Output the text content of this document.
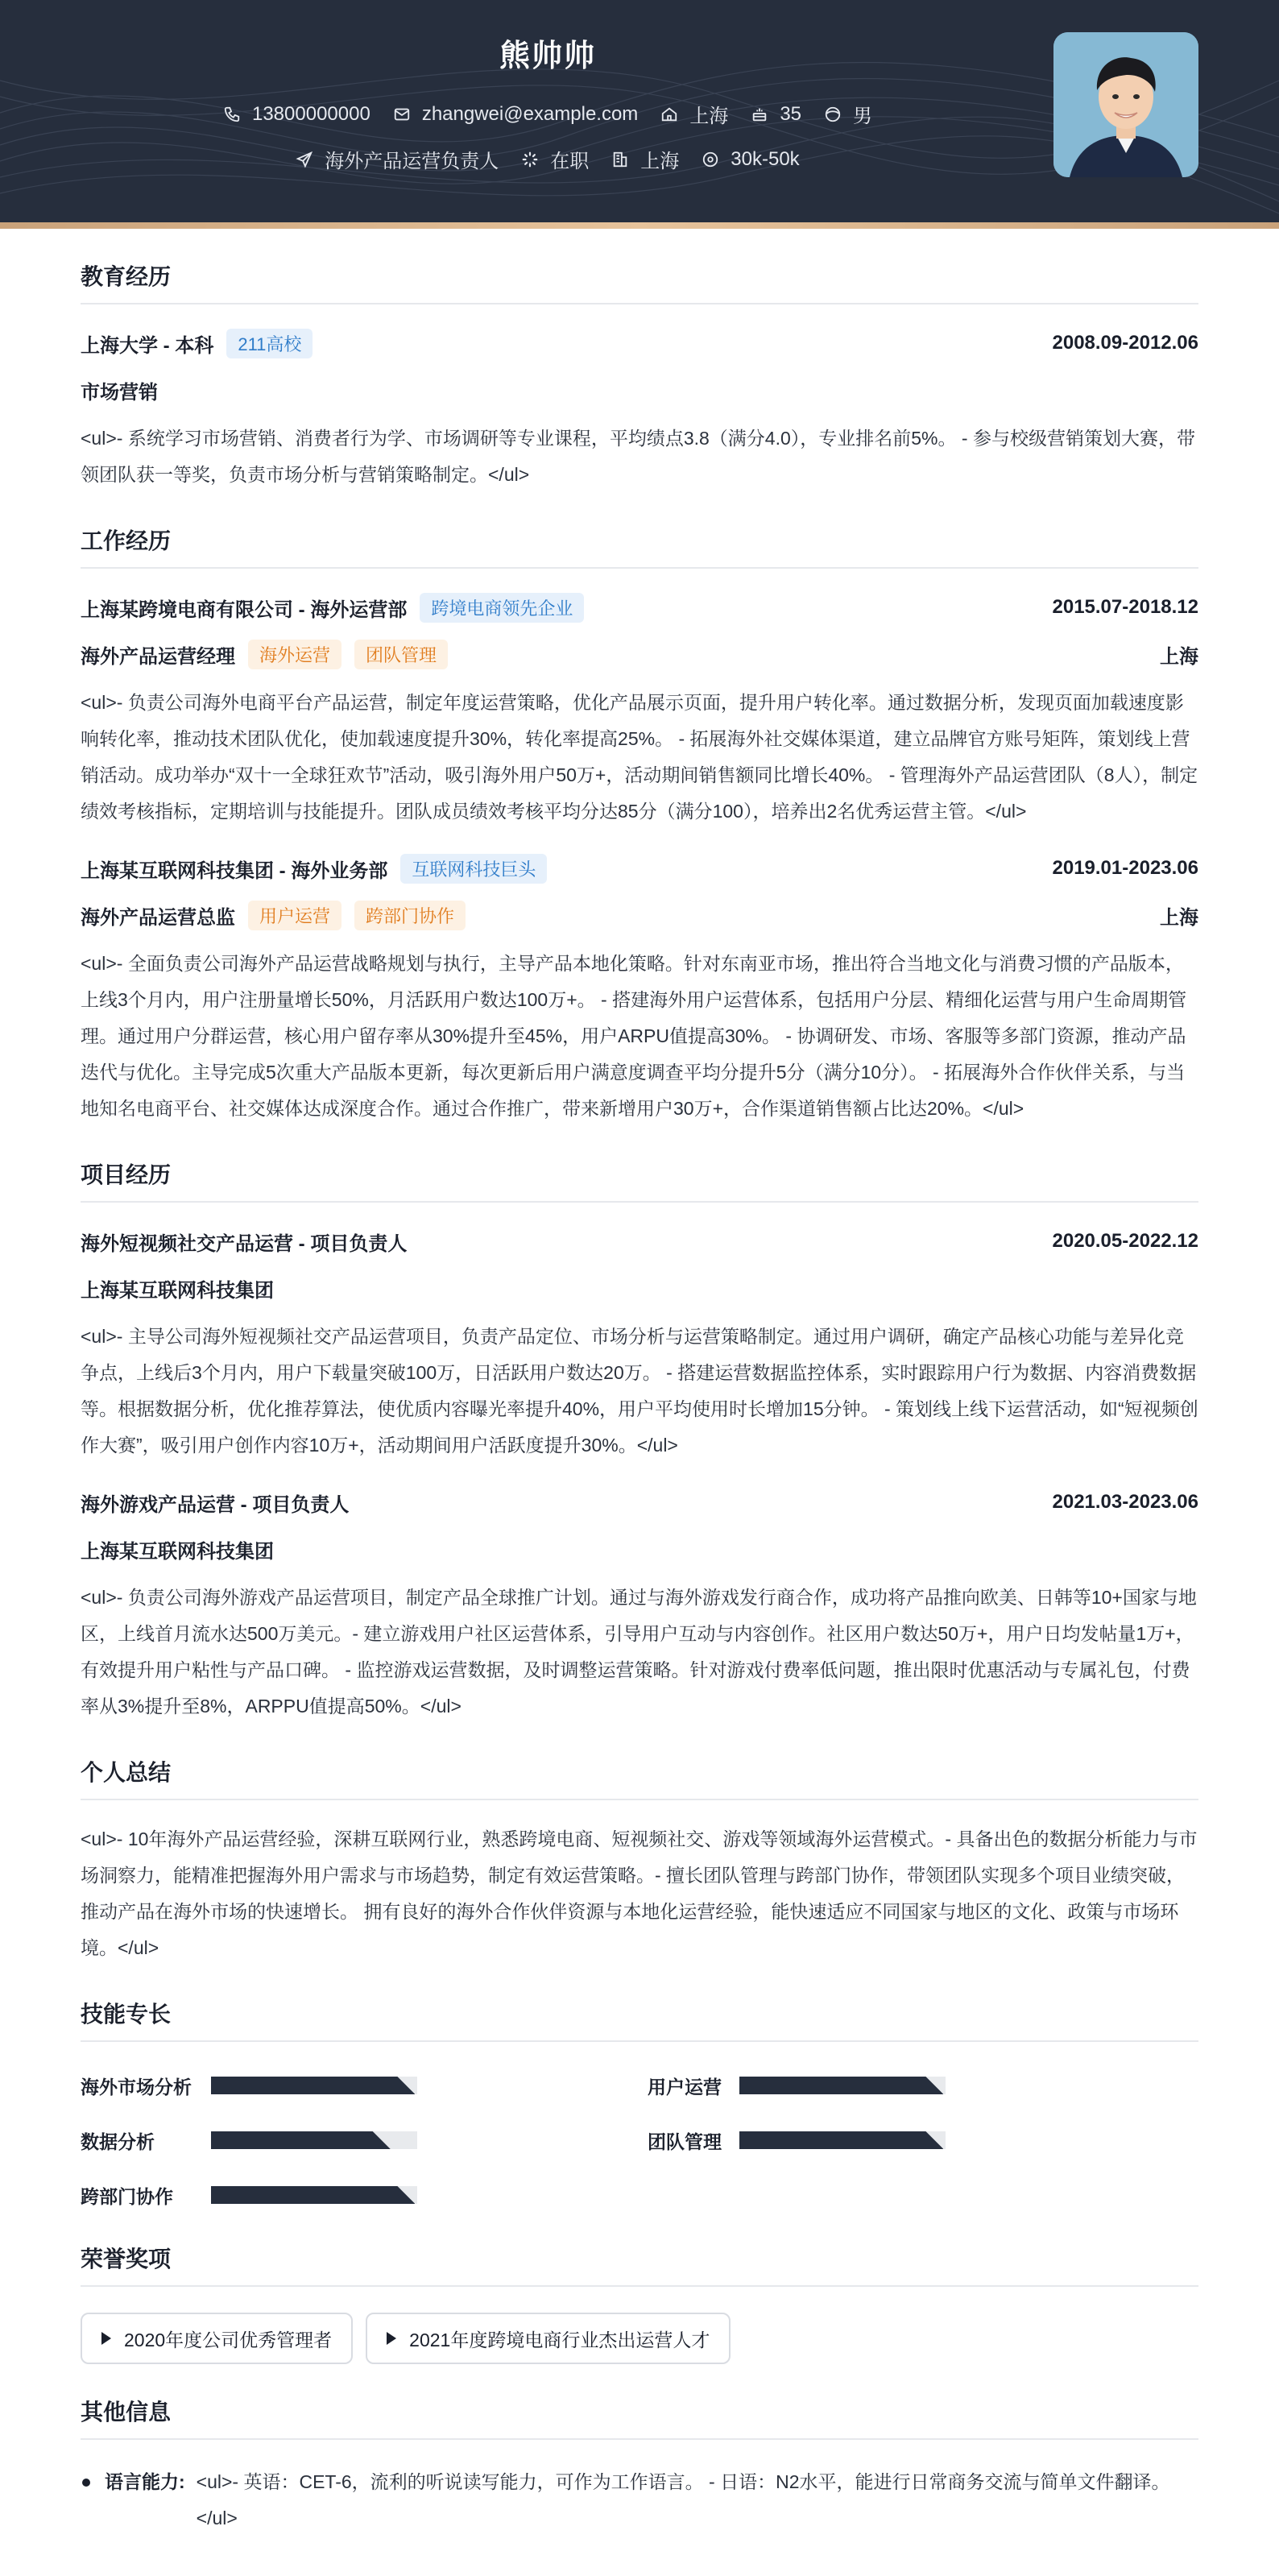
熊帅帅
13800000000	zhangwei@example.com	上海	35	男
海外产品运营负责人	在职	上海	30k-50k
教育经历
上海大学 - 本科	211高校	2008.09-2012.06
市场营销
<ul>- 系统学习市场营销、消费者行为学、市场调研等专业课程，平均绩点3.8（满分4.0），专业排名前5%。 - 参与校级营销策划大赛，带领团队获一等奖，负责市场分析与营销策略制定。</ul>
工作经历
上海某跨境电商有限公司 - 海外运营部	跨境电商领先企业	2015.07-2018.12
海外产品运营经理	海外运营	团队管理	上海
<ul>- 负责公司海外电商平台产品运营，制定年度运营策略，优化产品展示页面，提升用户转化率。通过数据分析，发现页面加载速度影响转化率，推动技术团队优化，使加载速度提升30%，转化率提高25%。 - 拓展海外社交媒体渠道，建立品牌官方账号矩阵，策划线上营销活动。成功举办“双十一全球狂欢节”活动，吸引海外用户50万+，活动期间销售额同比增长40%。 - 管理海外产品运营团队（8人），制定绩效考核指标，定期培训与技能提升。团队成员绩效考核平均分达85分（满分100），培养出2名优秀运营主管。</ul>
上海某互联网科技集团 - 海外业务部	互联网科技巨头	2019.01-2023.06
海外产品运营总监	用户运营	跨部门协作	上海
<ul>- 全面负责公司海外产品运营战略规划与执行，主导产品本地化策略。针对东南亚市场，推出符合当地文化与消费习惯的产品版本，上线3个月内，用户注册量增长50%，月活跃用户数达100万+。 - 搭建海外用户运营体系，包括用户分层、精细化运营与用户生命周期管理。通过用户分群运营，核心用户留存率从30%提升至45%，用户ARPU值提高30%。 - 协调研发、市场、客服等多部门资源，推动产品迭代与优化。主导完成5次重大产品版本更新，每次更新后用户满意度调查平均分提升5分（满分10分）。 - 拓展海外合作伙伴关系，与当地知名电商平台、社交媒体达成深度合作。通过合作推广，带来新增用户30万+，合作渠道销售额占比达20%。</ul>
项目经历
海外短视频社交产品运营 - 项目负责人	2020.05-2022.12
上海某互联网科技集团
<ul>- 主导公司海外短视频社交产品运营项目，负责产品定位、市场分析与运营策略制定。通过用户调研，确定产品核心功能与差异化竞争点，上线后3个月内，用户下载量突破100万，日活跃用户数达20万。 - 搭建运营数据监控体系，实时跟踪用户行为数据、内容消费数据等。根据数据分析，优化推荐算法，使优质内容曝光率提升40%，用户平均使用时长增加15分钟。 - 策划线上线下运营活动，如“短视频创作大赛”，吸引用户创作内容10万+，活动期间用户活跃度提升30%。</ul>
海外游戏产品运营 - 项目负责人	2021.03-2023.06
上海某互联网科技集团
<ul>- 负责公司海外游戏产品运营项目，制定产品全球推广计划。通过与海外游戏发行商合作，成功将产品推向欧美、日韩等10+国家与地区，上线首月流水达500万美元。- 建立游戏用户社区运营体系，引导用户互动与内容创作。社区用户数达50万+，用户日均发帖量1万+，有效提升用户粘性与产品口碑。 - 监控游戏运营数据，及时调整运营策略。针对游戏付费率低问题，推出限时优惠活动与专属礼包，付费率从3%提升至8%，ARPPU值提高50%。</ul>
个人总结
<ul>- 10年海外产品运营经验，深耕互联网行业，熟悉跨境电商、短视频社交、游戏等领域海外运营模式。- 具备出色的数据分析能力与市场洞察力，能精准把握海外用户需求与市场趋势，制定有效运营策略。- 擅长团队管理与跨部门协作，带领团队实现多个项目业绩突破，推动产品在海外市场的快速增长。 拥有良好的海外合作伙伴资源与本地化运营经验，能快速适应不同国家与地区的文化、政策与市场环境。</ul>
技能专长
海外市场分析	用户运营
数据分析	团队管理
跨部门协作
荣誉奖项
2020年度公司优秀管理者	2021年度跨境电商行业杰出运营人才
其他信息
语言能力: <ul>- 英语：CET-6，流利的听说读写能力，可作为工作语言。 - 日语：N2水平，能进行日常商务交流与简单文件翻译。</ul>
